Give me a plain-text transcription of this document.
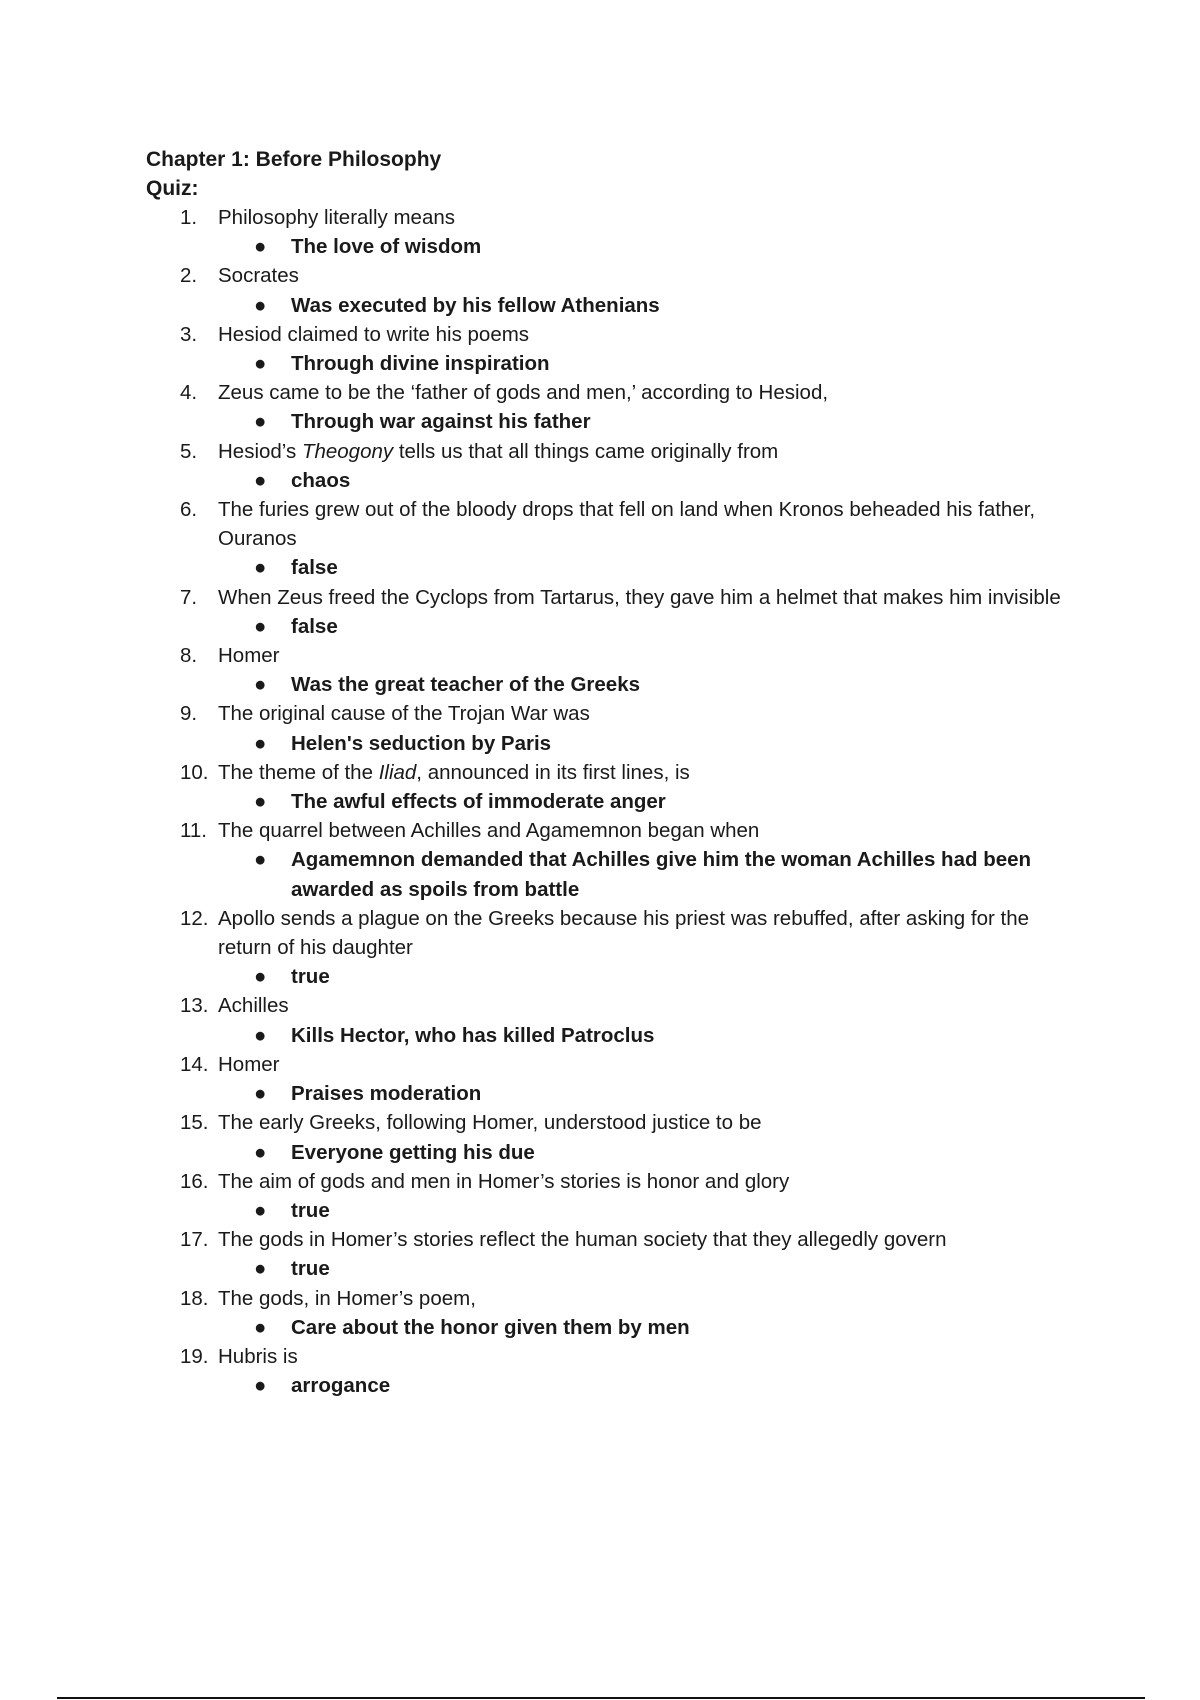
Chapter 1: Before Philosophy
Quiz:
1. Philosophy literally means
● The love of wisdom
2. Socrates
● Was executed by his fellow Athenians
3. Hesiod claimed to write his poems
● Through divine inspiration
4. Zeus came to be the ‘father of gods and men,’ according to Hesiod,
● Through war against his father
5. Hesiod’s Theogony tells us that all things came originally from
● chaos
6. The furies grew out of the bloody drops that fell on land when Kronos beheaded his father, Ouranos
● false
7. When Zeus freed the Cyclops from Tartarus, they gave him a helmet that makes him invisible
● false
8. Homer
● Was the great teacher of the Greeks
9. The original cause of the Trojan War was
● Helen's seduction by Paris
10. The theme of the Iliad, announced in its first lines, is
● The awful effects of immoderate anger
11. The quarrel between Achilles and Agamemnon began when
● Agamemnon demanded that Achilles give him the woman Achilles had been awarded as spoils from battle
12. Apollo sends a plague on the Greeks because his priest was rebuffed, after asking for the return of his daughter
● true
13. Achilles
● Kills Hector, who has killed Patroclus
14. Homer
● Praises moderation
15. The early Greeks, following Homer, understood justice to be
● Everyone getting his due
16. The aim of gods and men in Homer’s stories is honor and glory
● true
17. The gods in Homer’s stories reflect the human society that they allegedly govern
● true
18. The gods, in Homer’s poem,
● Care about the honor given them by men
19. Hubris is
● arrogance
